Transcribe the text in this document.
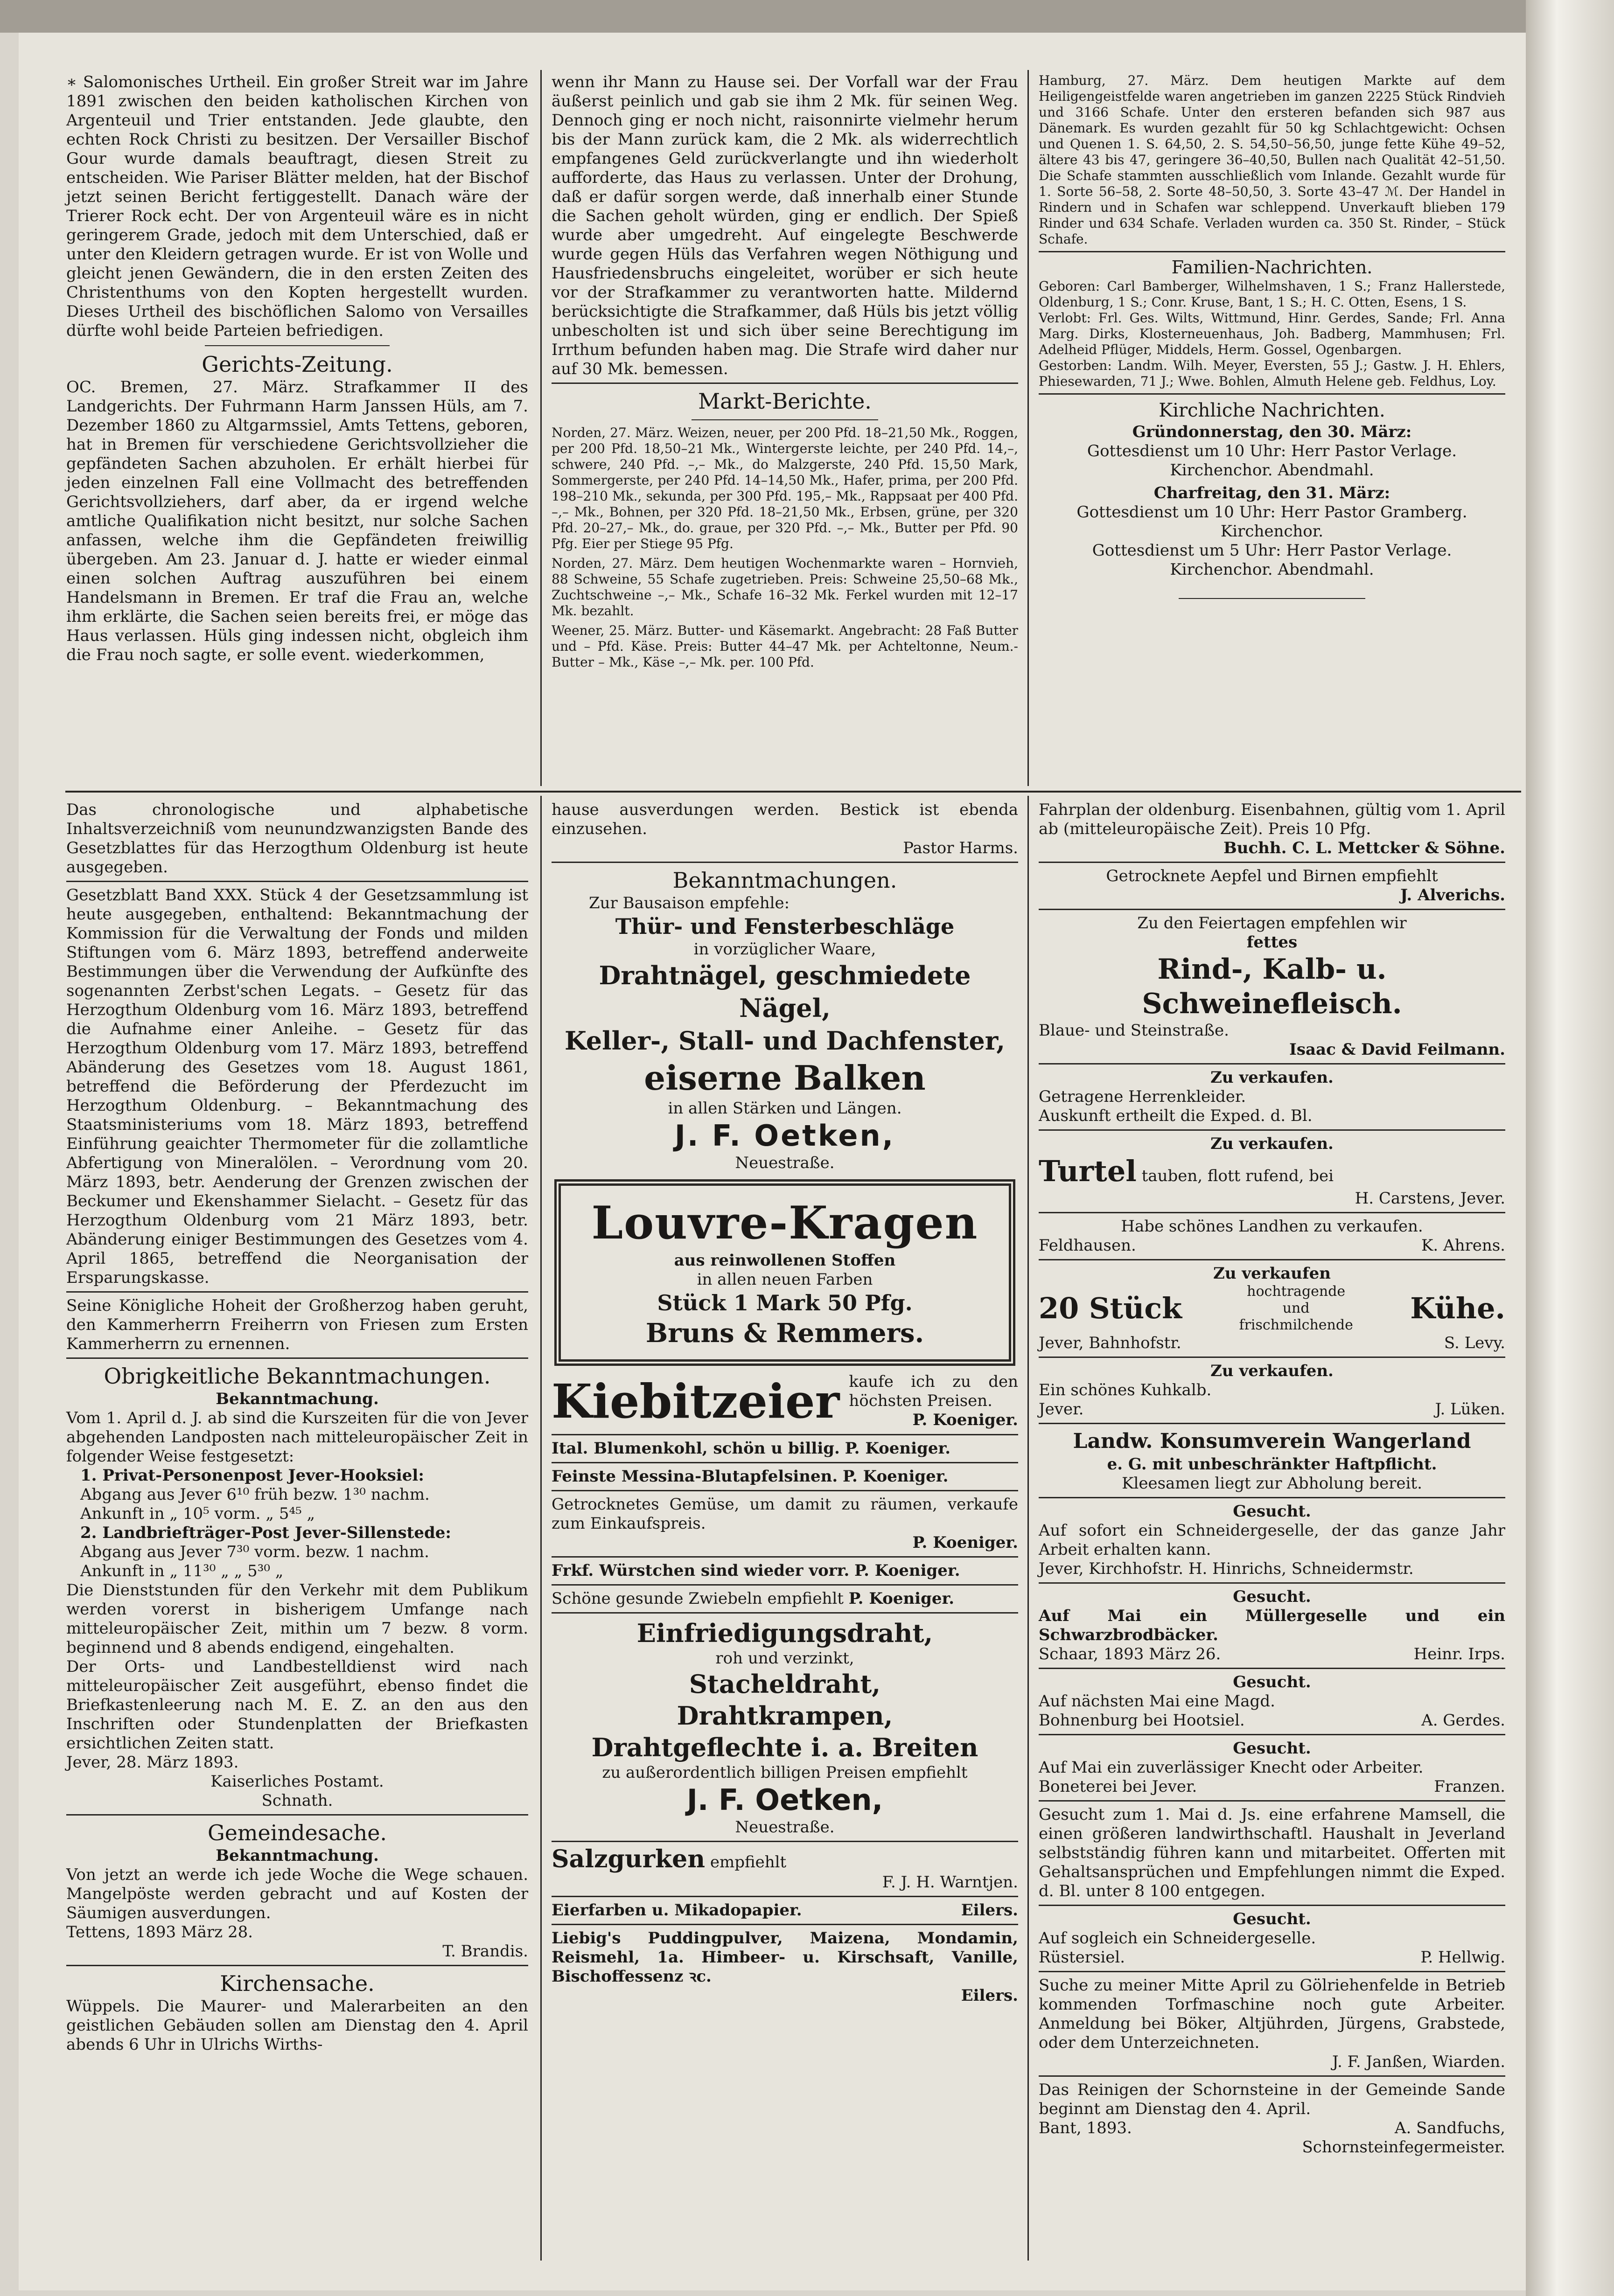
∗ Salomonisches Urtheil. Ein großer Streit war im Jahre 1891 zwischen den beiden katholischen Kirchen von Argenteuil und Trier entstanden. Jede glaubte, den echten Rock Christi zu besitzen. Der Versailler Bischof Gour wurde damals beauftragt, diesen Streit zu entscheiden. Wie Pariser Blätter melden, hat der Bischof jetzt seinen Bericht fertiggestellt. Danach wäre der Trierer Rock echt. Der von Argenteuil wäre es in nicht geringerem Grade, jedoch mit dem Unterschied, daß er unter den Kleidern getragen wurde. Er ist von Wolle und gleicht jenen Gewändern, die in den ersten Zeiten des Christenthums von den Kopten hergestellt wurden. Dieses Urtheil des bischöflichen Salomo von Versailles dürfte wohl beide Parteien befriedigen.

Gerichts-Zeitung.

OC. Bremen, 27. März. Strafkammer II des Landgerichts. Der Fuhrmann Harm Janssen Hüls, am 7. Dezember 1860 zu Altgarmssiel, Amts Tettens, geboren, hat in Bremen für verschiedene Gerichtsvollzieher die gepfändeten Sachen abzuholen. Er erhält hierbei für jeden einzelnen Fall eine Vollmacht des betreffenden Gerichtsvollziehers, darf aber, da er irgend welche amtliche Qualifikation nicht besitzt, nur solche Sachen anfassen, welche ihm die Gepfändeten freiwillig übergeben. Am 23. Januar d. J. hatte er wieder einmal einen solchen Auftrag auszuführen bei einem Handelsmann in Bremen. Er traf die Frau an, welche ihm erklärte, die Sachen seien bereits frei, er möge das Haus verlassen. Hüls ging indessen nicht, obgleich ihm die Frau noch sagte, er solle event. wiederkommen,

wenn ihr Mann zu Hause sei. Der Vorfall war der Frau äußerst peinlich und gab sie ihm 2 Mk. für seinen Weg. Dennoch ging er noch nicht, raisonnirte vielmehr herum bis der Mann zurück kam, die 2 Mk. als widerrechtlich empfangenes Geld zurückverlangte und ihn wiederholt aufforderte, das Haus zu verlassen. Unter der Drohung, daß er dafür sorgen werde, daß innerhalb einer Stunde die Sachen geholt würden, ging er endlich. Der Spieß wurde aber umgedreht. Auf eingelegte Beschwerde wurde gegen Hüls das Verfahren wegen Nöthigung und Hausfriedensbruchs eingeleitet, worüber er sich heute vor der Strafkammer zu verantworten hatte. Mildernd berücksichtigte die Strafkammer, daß Hüls bis jetzt völlig unbescholten ist und sich über seine Berechtigung im Irrthum befunden haben mag. Die Strafe wird daher nur auf 30 Mk. bemessen.

Markt-Berichte.

Norden, 27. März. Weizen, neuer, per 200 Pfd. 18–21,50 Mk., Roggen, per 200 Pfd. 18,50–21 Mk., Wintergerste leichte, per 240 Pfd. 14,–, schwere, 240 Pfd. –,– Mk., do Malzgerste, 240 Pfd. 15,50 Mark, Sommergerste, per 240 Pfd. 14–14,50 Mk., Hafer, prima, per 200 Pfd. 198–210 Mk., sekunda, per 300 Pfd. 195,– Mk., Rappsaat per 400 Pfd. –,– Mk., Bohnen, per 320 Pfd. 18–21,50 Mk., Erbsen, grüne, per 320 Pfd. 20–27,– Mk., do. graue, per 320 Pfd. –,– Mk., Butter per Pfd. 90 Pfg. Eier per Stiege 95 Pfg.

Norden, 27. März. Dem heutigen Wochenmarkte waren – Hornvieh, 88 Schweine, 55 Schafe zugetrieben. Preis: Schweine 25,50–68 Mk., Zuchtschweine –,– Mk., Schafe 16–32 Mk. Ferkel wurden mit 12–17 Mk. bezahlt.

Weener, 25. März. Butter- und Käsemarkt. Angebracht: 28 Faß Butter und – Pfd. Käse. Preis: Butter 44–47 Mk. per Achteltonne, Neum.-Butter – Mk., Käse –,– Mk. per. 100 Pfd.

Hamburg, 27. März. Dem heutigen Markte auf dem Heiligengeistfelde waren angetrieben im ganzen 2225 Stück Rindvieh und 3166 Schafe. Unter den ersteren befanden sich 987 aus Dänemark. Es wurden gezahlt für 50 kg Schlachtgewicht: Ochsen und Quenen 1. S. 64,50, 2. S. 54,50–56,50, junge fette Kühe 49–52, ältere 43 bis 47, geringere 36–40,50, Bullen nach Qualität 42–51,50. Die Schafe stammten ausschließlich vom Inlande. Gezahlt wurde für 1. Sorte 56–58, 2. Sorte 48–50,50, 3. Sorte 43–47 ℳ. Der Handel in Rindern und in Schafen war schleppend. Unverkauft blieben 179 Rinder und 634 Schafe. Verladen wurden ca. 350 St. Rinder, – Stück Schafe.

Familien-Nachrichten.

Geboren: Carl Bamberger, Wilhelmshaven, 1 S.; Franz Hallerstede, Oldenburg, 1 S.; Conr. Kruse, Bant, 1 S.; H. C. Otten, Esens, 1 S.

Verlobt: Frl. Ges. Wilts, Wittmund, Hinr. Gerdes, Sande; Frl. Anna Marg. Dirks, Klosterneuenhaus, Joh. Badberg, Mammhusen; Frl. Adelheid Pflüger, Middels, Herm. Gossel, Ogenbargen.

Gestorben: Landm. Wilh. Meyer, Eversten, 55 J.; Gastw. J. H. Ehlers, Phiesewarden, 71 J.; Wwe. Bohlen, Almuth Helene geb. Feldhus, Loy.

Kirchliche Nachrichten.

Gründonnerstag, den 30. März:

Gottesdienst um 10 Uhr: Herr Pastor Verlage.

Kirchenchor. Abendmahl.

Charfreitag, den 31. März:

Gottesdienst um 10 Uhr: Herr Pastor Gramberg.

Kirchenchor.

Gottesdienst um 5 Uhr: Herr Pastor Verlage.

Kirchenchor. Abendmahl.

Das chronologische und alphabetische Inhaltsverzeichniß vom neunundzwanzigsten Bande des Gesetzblattes für das Herzogthum Oldenburg ist heute ausgegeben.

Gesetzblatt Band XXX. Stück 4 der Gesetzsammlung ist heute ausgegeben, enthaltend: Bekanntmachung der Kommission für die Verwaltung der Fonds und milden Stiftungen vom 6. März 1893, betreffend anderweite Bestimmungen über die Verwendung der Aufkünfte des sogenannten Zerbst'schen Legats. – Gesetz für das Herzogthum Oldenburg vom 16. März 1893, betreffend die Aufnahme einer Anleihe. – Gesetz für das Herzogthum Oldenburg vom 17. März 1893, betreffend Abänderung des Gesetzes vom 18. August 1861, betreffend die Beförderung der Pferdezucht im Herzogthum Oldenburg. – Bekanntmachung des Staatsministeriums vom 18. März 1893, betreffend Einführung geaichter Thermometer für die zollamtliche Abfertigung von Mineralölen. – Verordnung vom 20. März 1893, betr. Aenderung der Grenzen zwischen der Beckumer und Ekenshammer Sielacht. – Gesetz für das Herzogthum Oldenburg vom 21 März 1893, betr. Abänderung einiger Bestimmungen des Gesetzes vom 4. April 1865, betreffend die Neorganisation der Ersparungskasse.

Seine Königliche Hoheit der Großherzog haben geruht, den Kammerherrn Freiherrn von Friesen zum Ersten Kammerherrn zu ernennen.

Obrigkeitliche Bekanntmachungen.

Bekanntmachung.

Vom 1. April d. J. ab sind die Kurszeiten für die von Jever abgehenden Landposten nach mitteleuropäischer Zeit in folgender Weise festgesetzt:

1. Privat-Personenpost Jever-Hooksiel:

Abgang aus Jever 6¹⁰ früh bezw. 1³⁰ nachm.

Ankunft in „ 10⁵ vorm. „ 5⁴⁵ „

2. Landbriefträger-Post Jever-Sillenstede:

Abgang aus Jever 7³⁰ vorm. bezw. 1 nachm.

Ankunft in „ 11³⁰ „ „ 5³⁰ „

Die Dienststunden für den Verkehr mit dem Publikum werden vorerst in bisherigem Umfange nach mitteleuropäischer Zeit, mithin um 7 bezw. 8 vorm. beginnend und 8 abends endigend, eingehalten.

Der Orts- und Landbestelldienst wird nach mitteleuropäischer Zeit ausgeführt, ebenso findet die Briefkastenleerung nach M. E. Z. an den aus den Inschriften oder Stundenplatten der Briefkasten ersichtlichen Zeiten statt.

Jever, 28. März 1893.

Kaiserliches Postamt.

Schnath.

Gemeindesache.

Bekanntmachung.

Von jetzt an werde ich jede Woche die Wege schauen. Mangelpöste werden gebracht und auf Kosten der Säumigen ausverdungen.

Tettens, 1893 März 28.

T. Brandis.

Kirchensache.

Wüppels. Die Maurer- und Malerarbeiten an den geistlichen Gebäuden sollen am Dienstag den 4. April abends 6 Uhr in Ulrichs Wirths-

hause ausverdungen werden. Bestick ist ebenda einzusehen.

Pastor Harms.

Bekanntmachungen.

Zur Bausaison empfehle:

Thür- und Fensterbeschläge

in vorzüglicher Waare,

Drahtnägel, geschmiedete Nägel,

Keller-, Stall- und Dachfenster,

eiserne Balken

in allen Stärken und Längen.

J. F. Oetken,

Neuestraße.

Louvre-Kragen

aus reinwollenen Stoffen

in allen neuen Farben

Stück 1 Mark 50 Pfg.

Bruns & Remmers.

Kiebitzeier kaufe ich zu den höchsten Preisen.

P. Koeniger.

Ital. Blumenkohl, schön u billig. P. Koeniger.

Feinste Messina-Blutapfelsinen. P. Koeniger.

Getrocknetes Gemüse, um damit zu räumen, verkaufe zum Einkaufspreis.

P. Koeniger.

Frkf. Würstchen sind wieder vorr. P. Koeniger.

Schöne gesunde Zwiebeln empfiehlt P. Koeniger.

Einfriedigungsdraht,

roh und verzinkt,

Stacheldraht,

Drahtkrampen,

Drahtgeflechte i. a. Breiten

zu außerordentlich billigen Preisen empfiehlt

J. F. Oetken,

Neuestraße.

Salzgurken empfiehlt

F. J. H. Warntjen.

Eierfarben u. Mikadopapier.	Eilers.

Liebig's Puddingpulver, Maizena, Mondamin, Reismehl, 1a. Himbeer- u. Kirschsaft, Vanille, Bischoffessenz ꝛc.

Eilers.

Fahrplan der oldenburg. Eisenbahnen, gültig vom 1. April ab (mitteleuropäische Zeit). Preis 10 Pfg.

Buchh. C. L. Mettcker & Söhne.

Getrocknete Aepfel und Birnen empfiehlt

J. Alverichs.

Zu den Feiertagen empfehlen wir

fettes

Rind-, Kalb- u. Schweinefleisch.

Blaue- und Steinstraße.

Isaac & David Feilmann.

Zu verkaufen.

Getragene Herrenkleider.

Auskunft ertheilt die Exped. d. Bl.

Zu verkaufen.

Turtel tauben, flott rufend, bei

H. Carstens, Jever.

Habe schönes Landhen zu verkaufen.

Feldhausen.	K. Ahrens.

Zu verkaufen

20 Stück	hochtragende und frischmilchende Kühe.

Jever, Bahnhofstr.	S. Levy.

Zu verkaufen.

Ein schönes Kuhkalb.

Jever.	J. Lüken.

Landw. Konsumverein Wangerland

e. G. mit unbeschränkter Haftpflicht.

Kleesamen liegt zur Abholung bereit.

Gesucht.

Auf sofort ein Schneidergeselle, der das ganze Jahr Arbeit erhalten kann.

Jever, Kirchhofstr. H. Hinrichs, Schneidermstr.

Gesucht.

Auf Mai ein Müllergeselle und ein Schwarzbrodbäcker.

Schaar, 1893 März 26.	Heinr. Irps.

Gesucht.

Auf nächsten Mai eine Magd.

Bohnenburg bei Hootsiel.	A. Gerdes.

Gesucht.

Auf Mai ein zuverlässiger Knecht oder Arbeiter.

Boneterei bei Jever.	Franzen.

Gesucht zum 1. Mai d. Js. eine erfahrene Mamsell, die einen größeren landwirthschaftl. Haushalt in Jeverland selbstständig führen kann und mitarbeitet. Offerten mit Gehaltsansprüchen und Empfehlungen nimmt die Exped. d. Bl. unter 8 100 entgegen.

Gesucht.

Auf sogleich ein Schneidergeselle.

Rüstersiel.	P. Hellwig.

Suche zu meiner Mitte April zu Gölriehenfelde in Betrieb kommenden Torfmaschine noch gute Arbeiter. Anmeldung bei Böker, Altjührden, Jürgens, Grabstede, oder dem Unterzeichneten.

J. F. Janßen, Wiarden.

Das Reinigen der Schornsteine in der Gemeinde Sande beginnt am Dienstag den 4. April.

Bant, 1893.	A. Sandfuchs,

Schornsteinfegermeister.
